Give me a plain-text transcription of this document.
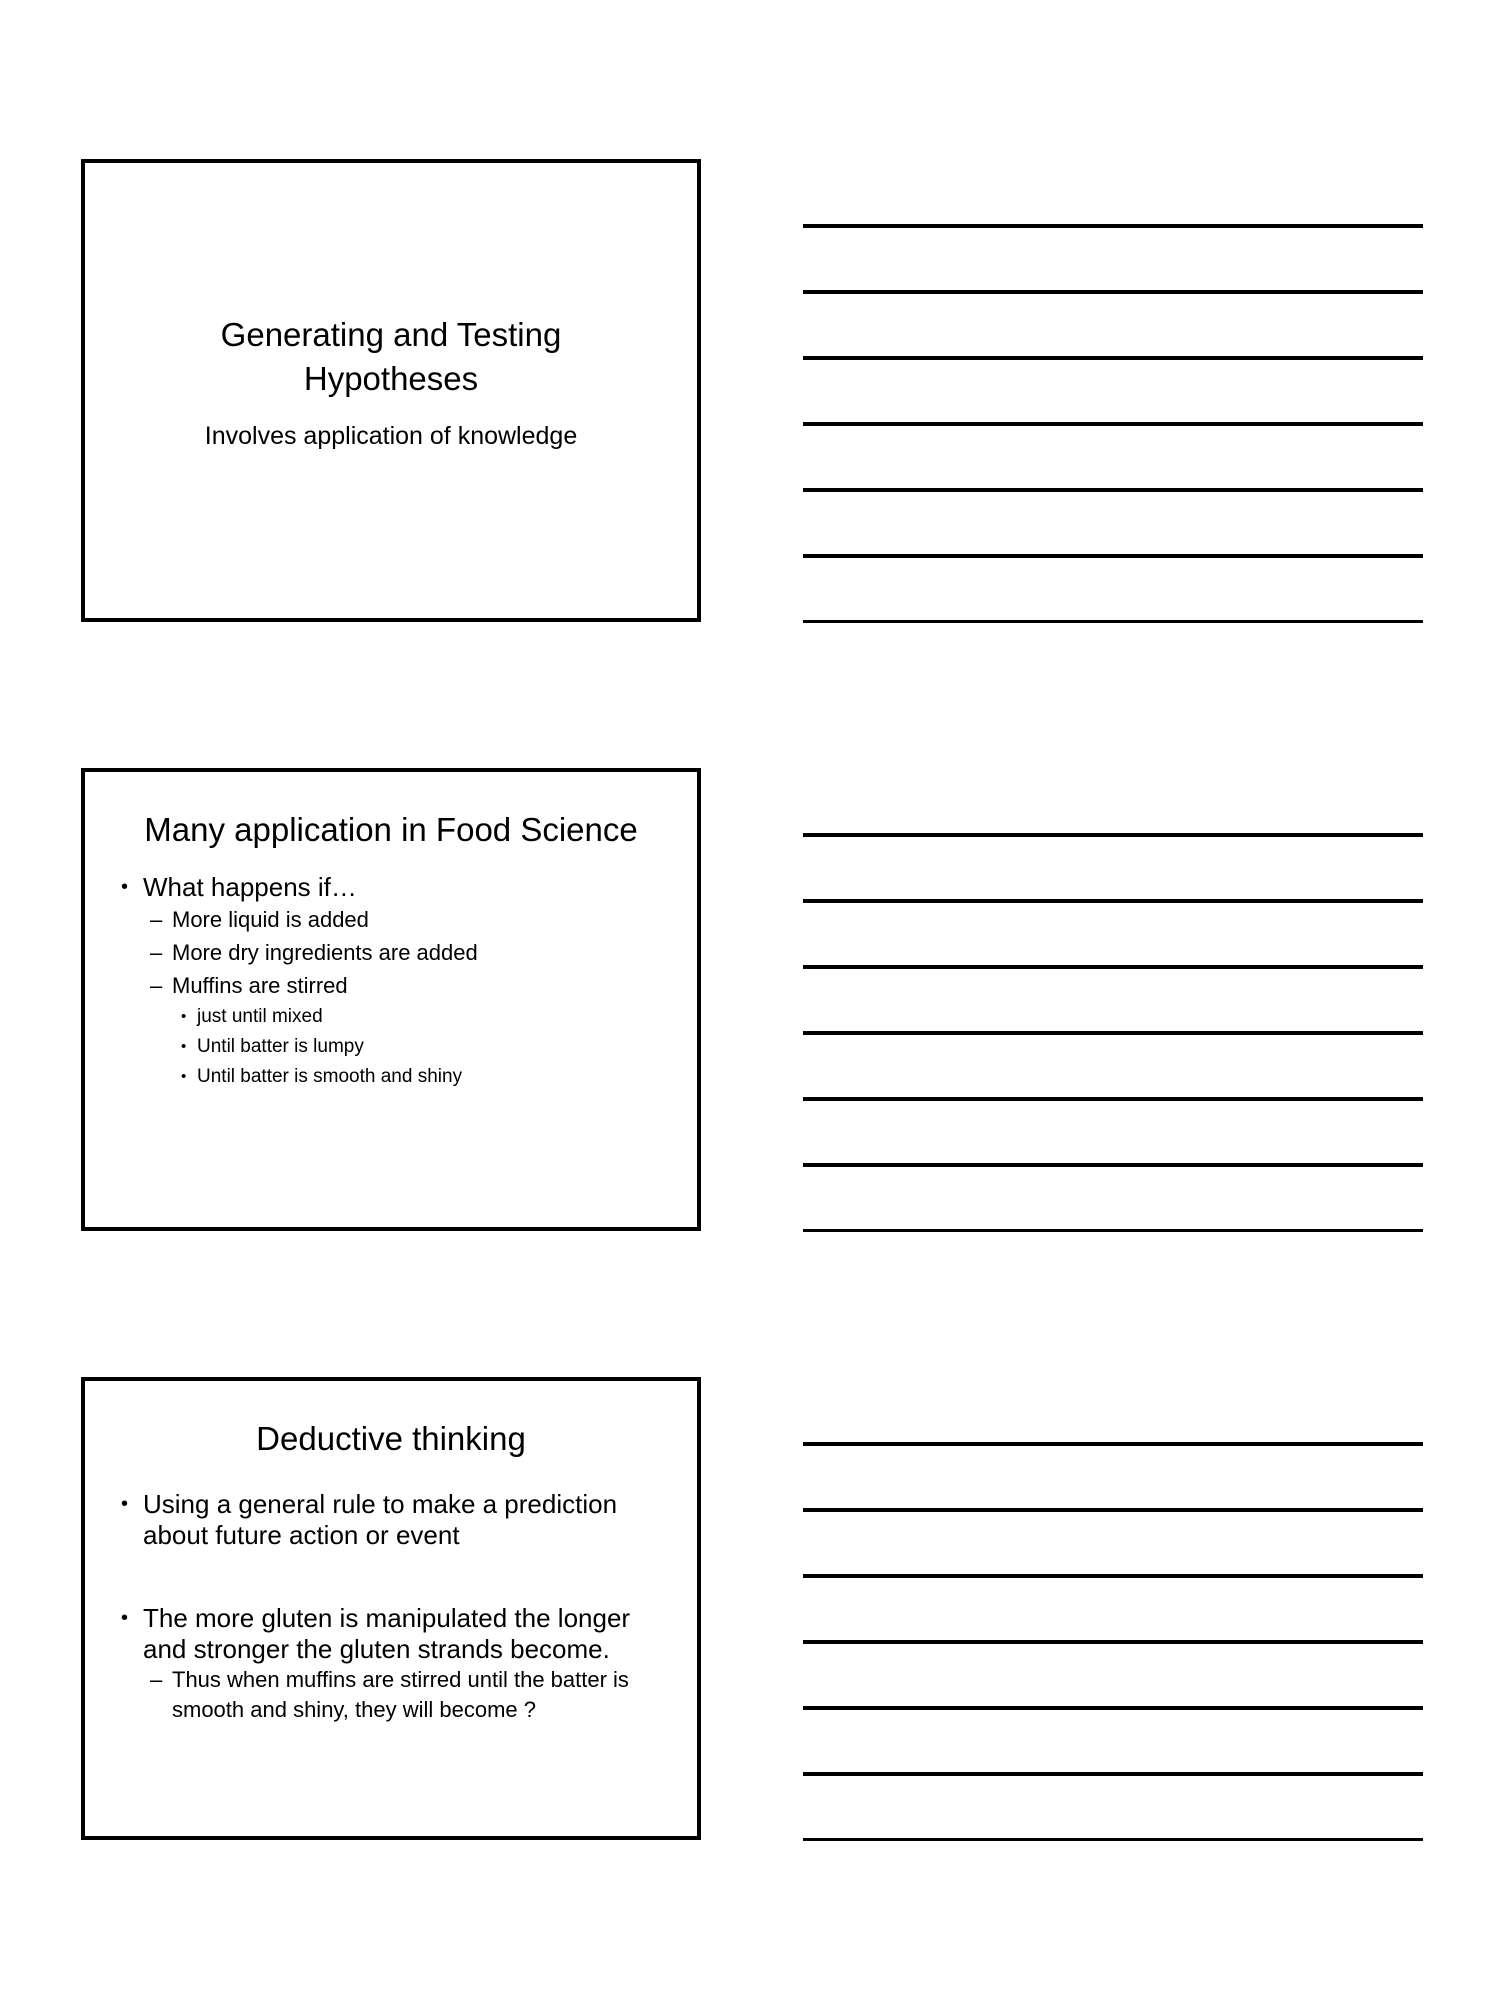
Generating and Testing
Hypotheses
Involves application of knowledge
Many application in Food Science
• What happens if…
– More liquid is added
– More dry ingredients are added
– Muffins are stirred
• just until mixed
• Until batter is lumpy
• Until batter is smooth and shiny
Deductive thinking
• Using a general rule to make a prediction about future action or event
• The more gluten is manipulated the longer and stronger the gluten strands become.
– Thus when muffins are stirred until the batter is smooth and shiny, they will become ?
